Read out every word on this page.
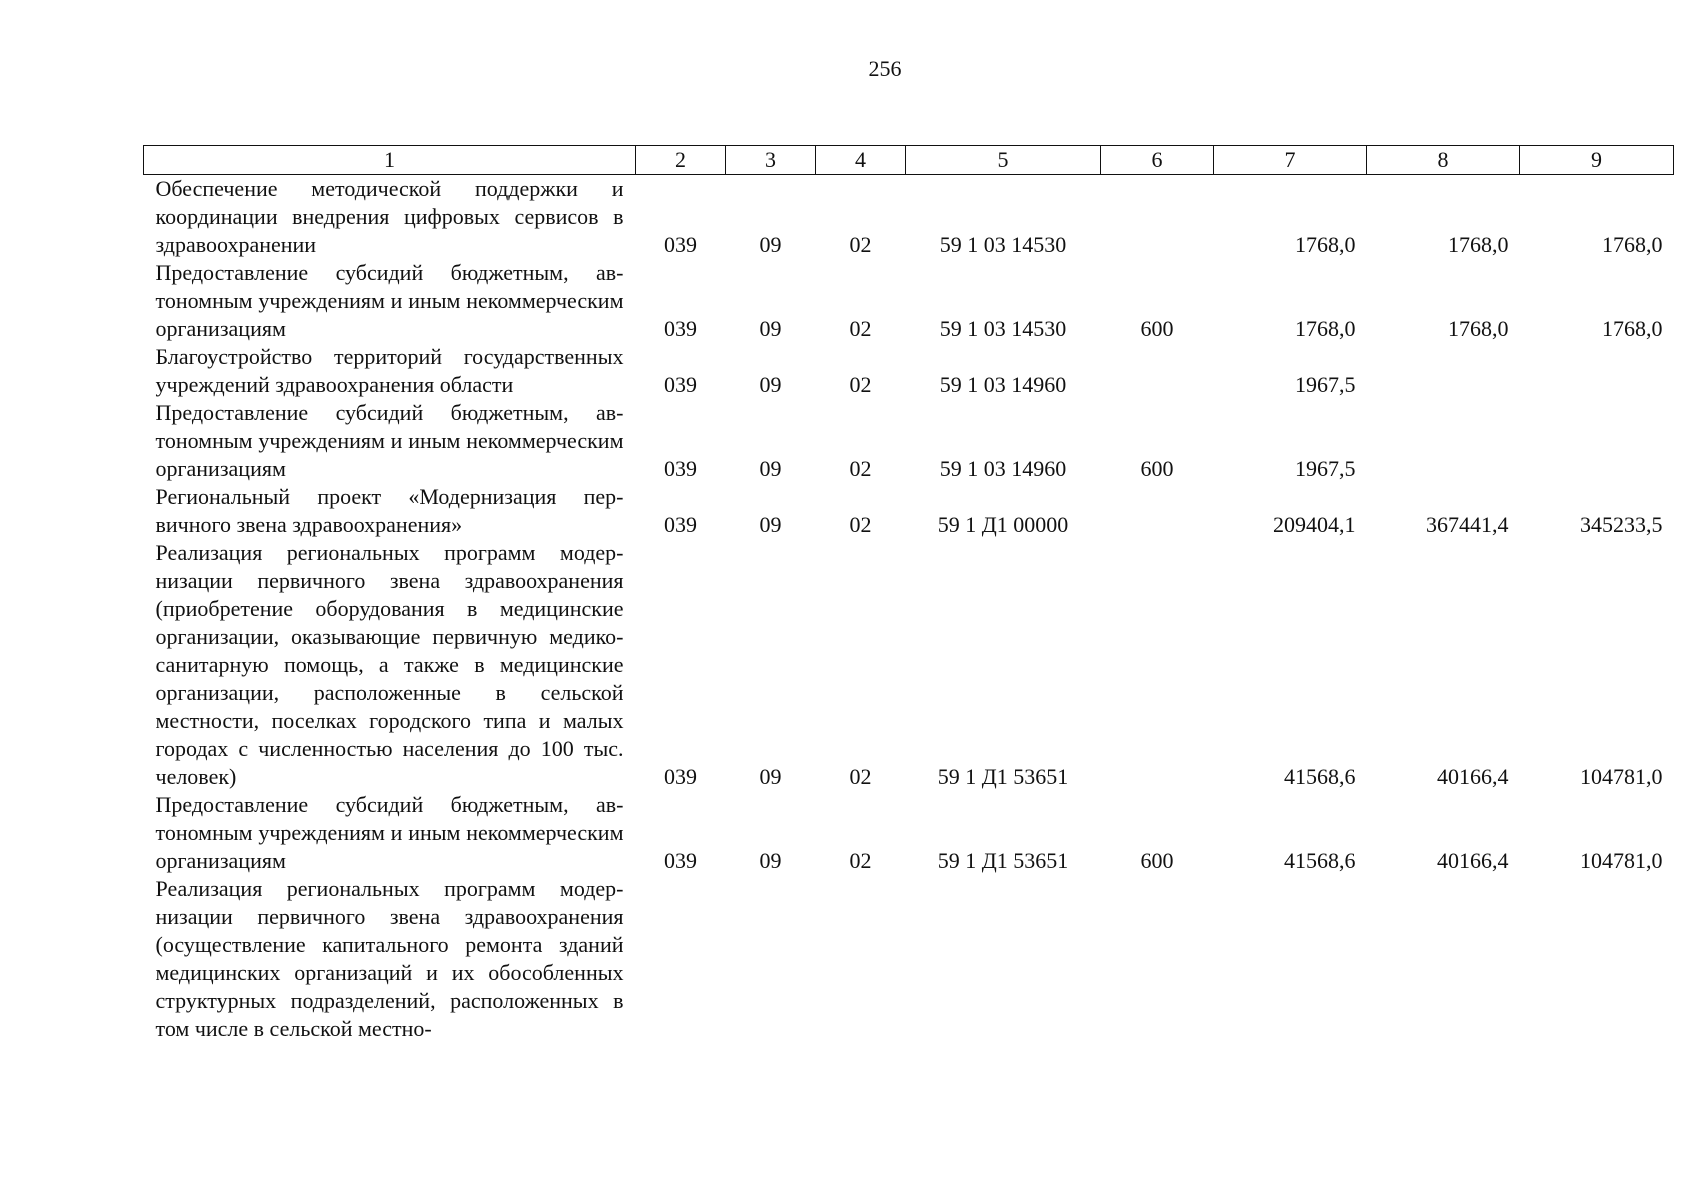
256
1	2	3	4	5	6	7	8	9
Обеспечение методической поддержки и координации внедрения цифровых сервисов в здравоохранении	039	09	02	59 1 03 14530		1768,0	1768,0	1768,0
Предоставление субсидий бюджетным, автономным учреждениям и иным некоммерческим организациям	039	09	02	59 1 03 14530	600	1768,0	1768,0	1768,0
Благоустройство территорий государственных учреждений здравоохранения области	039	09	02	59 1 03 14960		1967,5		
Предоставление субсидий бюджетным, автономным учреждениям и иным некоммерческим организациям	039	09	02	59 1 03 14960	600	1967,5		
Региональный проект «Модернизация первичного звена здравоохранения»	039	09	02	59 1 Д1 00000		209404,1	367441,4	345233,5
Реализация региональных программ модернизации первичного звена здравоохранения (приобретение оборудования в медицинские организации, оказывающие первичную медико-санитарную помощь, а также в медицинские организации, расположенные в сельской местности, поселках городского типа и малых городах с численностью населения до 100 тыс. человек)	039	09	02	59 1 Д1 53651		41568,6	40166,4	104781,0
Предоставление субсидий бюджетным, автономным учреждениям и иным некоммерческим организациям	039	09	02	59 1 Д1 53651	600	41568,6	40166,4	104781,0
Реализация региональных программ модернизации первичного звена здравоохранения (осуществление капитального ремонта зданий медицинских организаций и их обособленных структурных подразделений, расположенных в том числе в сельской местно-								
